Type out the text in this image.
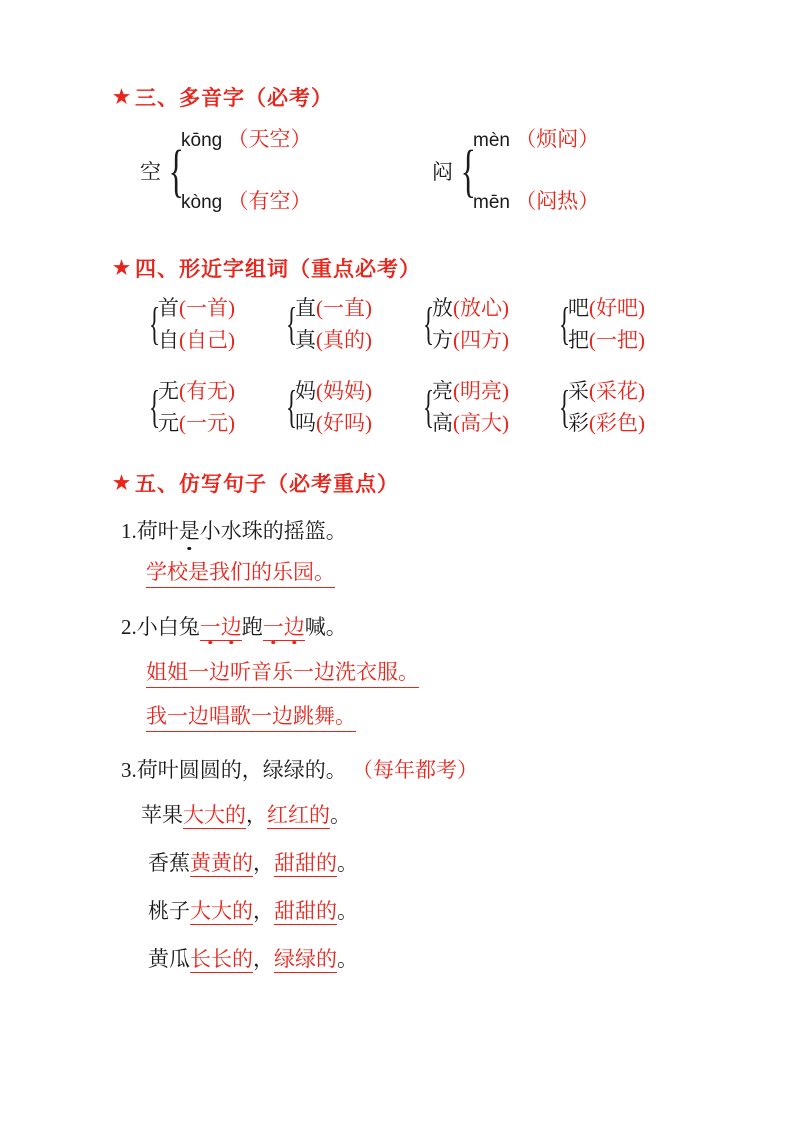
★ 三、多音字（必考）
空 {
kōng （天空）
kòng （有空）
闷 {
mèn （烦闷）
mēn （闷热）
★ 四、形近字组词（重点必考）
{
首(一首)
自(自己) {
直(一直)
真(真的) {
放(放心)
方(四方) {
吧(好吧)
把(一把)
{
无(有无)
元(一元) {
妈(妈妈)
吗(好吗) {
亮(明亮)
高(高大) {
采(采花)
彩(彩色)
★ 五、仿写句子（必考重点）
1.荷叶是小水珠的摇篮。
学校是我们的乐园。
2.小白兔一边跑一边喊。
姐姐一边听音乐一边洗衣服。
我一边唱歌一边跳舞。
3.荷叶圆圆的，绿绿的。 （每年都考）
苹果大大的，红红的。
香蕉黄黄的，甜甜的。
桃子大大的，甜甜的。
黄瓜长长的，绿绿的。
